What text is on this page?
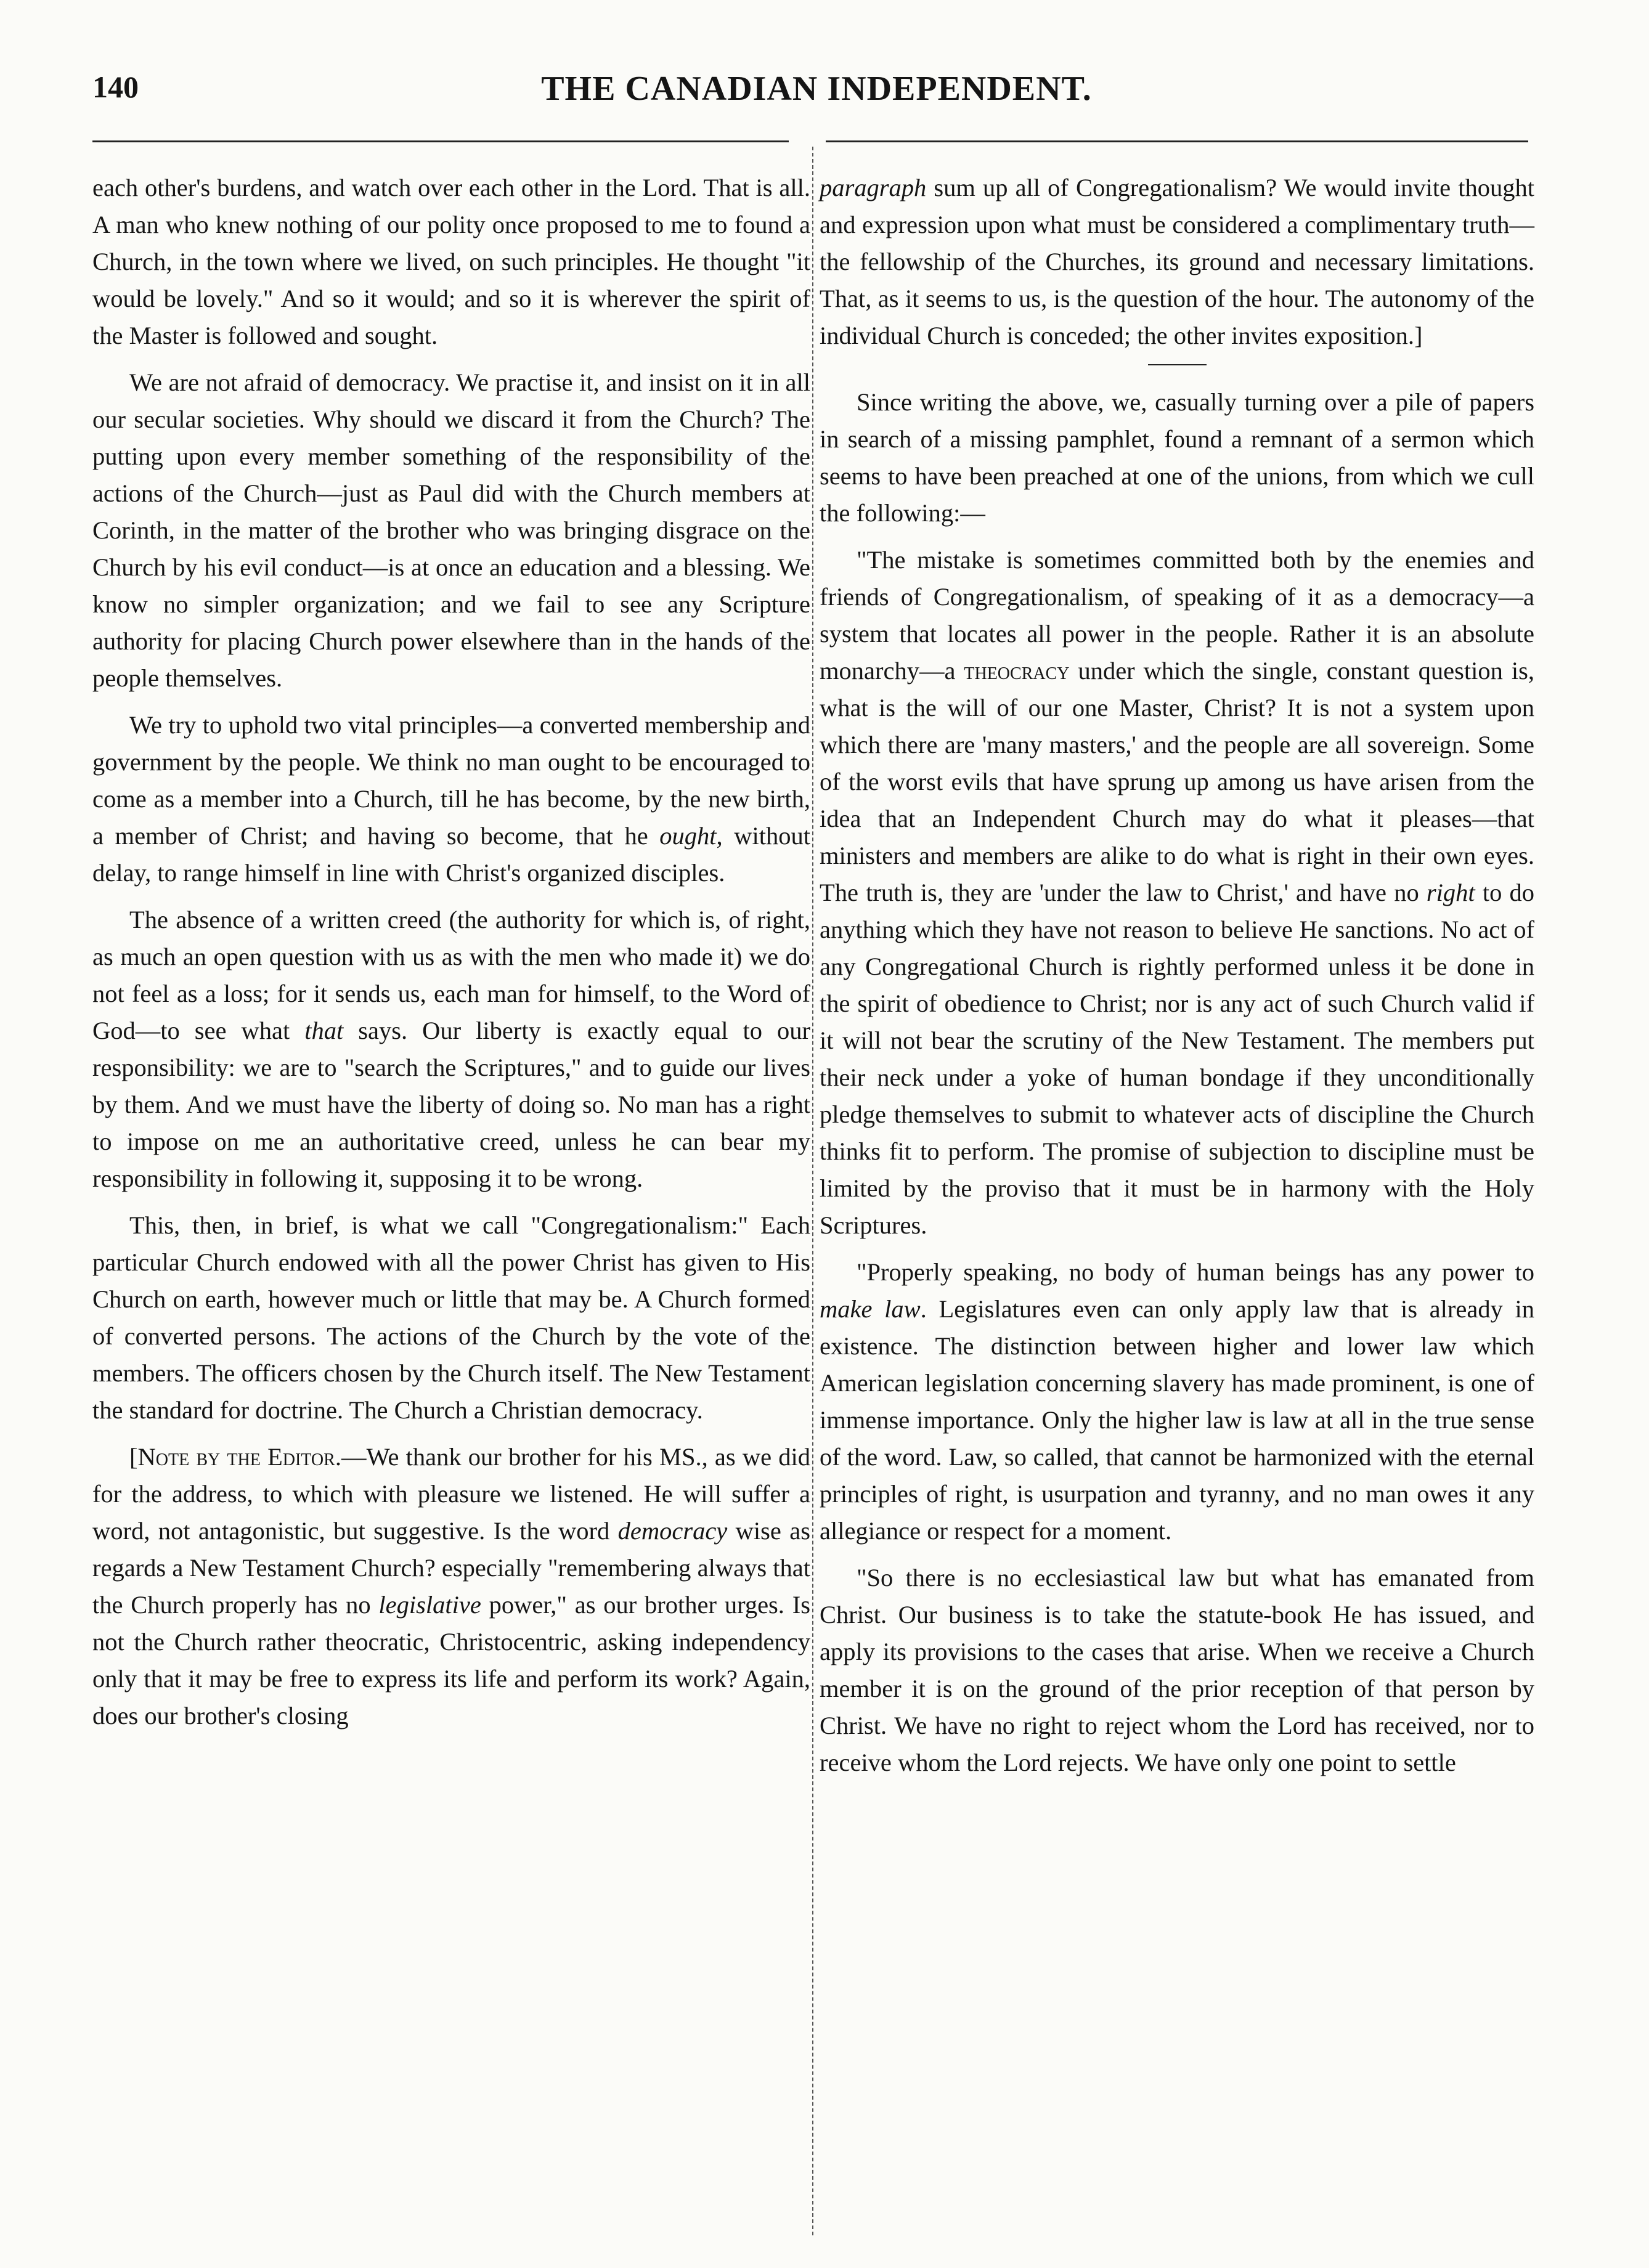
140	THE CANADIAN INDEPENDENT.

each other's burdens, and watch over each other in the Lord. That is all. A man who knew nothing of our polity once proposed to me to found a Church, in the town where we lived, on such principles. He thought "it would be lovely." And so it would; and so it is wherever the spirit of the Master is followed and sought.

We are not afraid of democracy. We practise it, and insist on it in all our secular societies. Why should we discard it from the Church? The putting upon every member something of the responsibility of the actions of the Church—just as Paul did with the Church members at Corinth, in the matter of the brother who was bringing disgrace on the Church by his evil conduct—is at once an education and a blessing. We know no simpler organization; and we fail to see any Scripture authority for placing Church power elsewhere than in the hands of the people themselves.

We try to uphold two vital principles—a converted membership and government by the people. We think no man ought to be encouraged to come as a member into a Church, till he has become, by the new birth, a member of Christ; and having so become, that he ought, without delay, to range himself in line with Christ's organized disciples.

The absence of a written creed (the authority for which is, of right, as much an open question with us as with the men who made it) we do not feel as a loss; for it sends us, each man for himself, to the Word of God—to see what that says. Our liberty is exactly equal to our responsibility: we are to "search the Scriptures," and to guide our lives by them. And we must have the liberty of doing so. No man has a right to impose on me an authoritative creed, unless he can bear my responsibility in following it, supposing it to be wrong.

This, then, in brief, is what we call "Congregationalism:" Each particular Church endowed with all the power Christ has given to His Church on earth, however much or little that may be. A Church formed of converted persons. The actions of the Church by the vote of the members. The officers chosen by the Church itself. The New Testament the standard for doctrine. The Church a Christian democracy.

[Note by the Editor.—We thank our brother for his MS., as we did for the address, to which with pleasure we listened. He will suffer a word, not antagonistic, but suggestive. Is the word democracy wise as regards a New Testament Church? especially "remembering always that the Church properly has no legislative power," as our brother urges. Is not the Church rather theocratic, Christocentric, asking independency only that it may be free to express its life and perform its work? Again, does our brother's closing

paragraph sum up all of Congregationalism? We would invite thought and expression upon what must be considered a complimentary truth—the fellowship of the Churches, its ground and necessary limitations. That, as it seems to us, is the question of the hour. The autonomy of the individual Church is conceded; the other invites exposition.]

Since writing the above, we, casually turning over a pile of papers in search of a missing pamphlet, found a remnant of a sermon which seems to have been preached at one of the unions, from which we cull the following:—

"The mistake is sometimes committed both by the enemies and friends of Congregationalism, of speaking of it as a democracy—a system that locates all power in the people. Rather it is an absolute monarchy—a theocracy under which the single, constant question is, what is the will of our one Master, Christ? It is not a system upon which there are 'many masters,' and the people are all sovereign. Some of the worst evils that have sprung up among us have arisen from the idea that an Independent Church may do what it pleases—that ministers and members are alike to do what is right in their own eyes. The truth is, they are 'under the law to Christ,' and have no right to do anything which they have not reason to believe He sanctions. No act of any Congregational Church is rightly performed unless it be done in the spirit of obedience to Christ; nor is any act of such Church valid if it will not bear the scrutiny of the New Testament. The members put their neck under a yoke of human bondage if they unconditionally pledge themselves to submit to whatever acts of discipline the Church thinks fit to perform. The promise of subjection to discipline must be limited by the proviso that it must be in harmony with the Holy Scriptures.

"Properly speaking, no body of human beings has any power to make law. Legislatures even can only apply law that is already in existence. The distinction between higher and lower law which American legislation concerning slavery has made prominent, is one of immense importance. Only the higher law is law at all in the true sense of the word. Law, so called, that cannot be harmonized with the eternal principles of right, is usurpation and tyranny, and no man owes it any allegiance or respect for a moment.

"So there is no ecclesiastical law but what has emanated from Christ. Our business is to take the statute-book He has issued, and apply its provisions to the cases that arise. When we receive a Church member it is on the ground of the prior reception of that person by Christ. We have no right to reject whom the Lord has received, nor to receive whom the Lord rejects. We have only one point to settle
